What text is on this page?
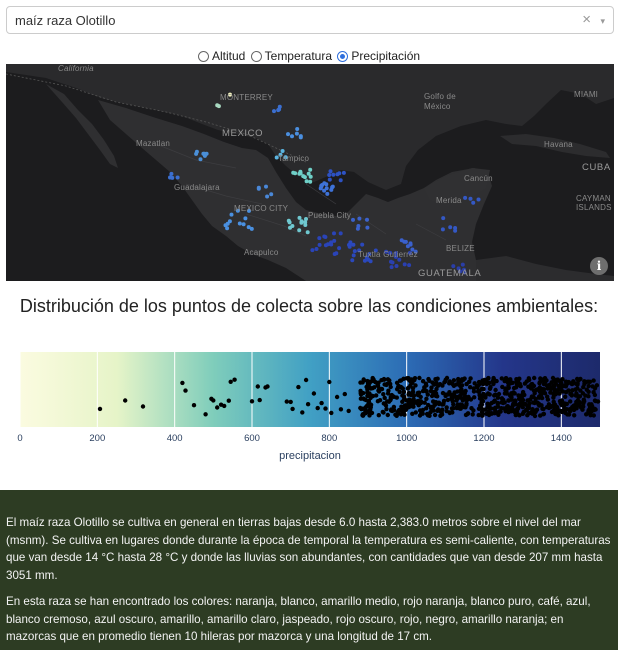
maíz raza Olotillo	× ▾
Altitud
Temperatura
Precipitación
California
MONTERREY
MEXICO
Mazatlan
Guadalajara
Tampico
MEXICO CITY
Puebla City
Acapulco	Tuxtla Gutierrez
Merida
Cancún
BELIZE
GUATEMALA
Havana
CUBA
CAYMAN ISLANDS
MIAMI
Golfo de México
i
Distribución de los puntos de colecta sobre las condiciones ambientales:
0	200	400	600	800	1000	1200	1400
precipitacion

El maíz raza Olotillo se cultiva en general en tierras bajas desde 6.0 hasta 2,383.0 metros sobre el nivel del mar (msnm). Se cultiva en lugares donde durante la época de temporal la temperatura es semi-caliente, con temperaturas que van desde 14 °C hasta 28 °C y donde las lluvias son abundantes, con cantidades que van desde 207 mm hasta 3051 mm.

En esta raza se han encontrado los colores: naranja, blanco, amarillo medio, rojo naranja, blanco puro, café, azul, blanco cremoso, azul oscuro, amarillo, amarillo claro, jaspeado, rojo oscuro, rojo, negro, amarillo naranja; en mazorcas que en promedio tienen 10 hileras por mazorca y una longitud de 17 cm.
